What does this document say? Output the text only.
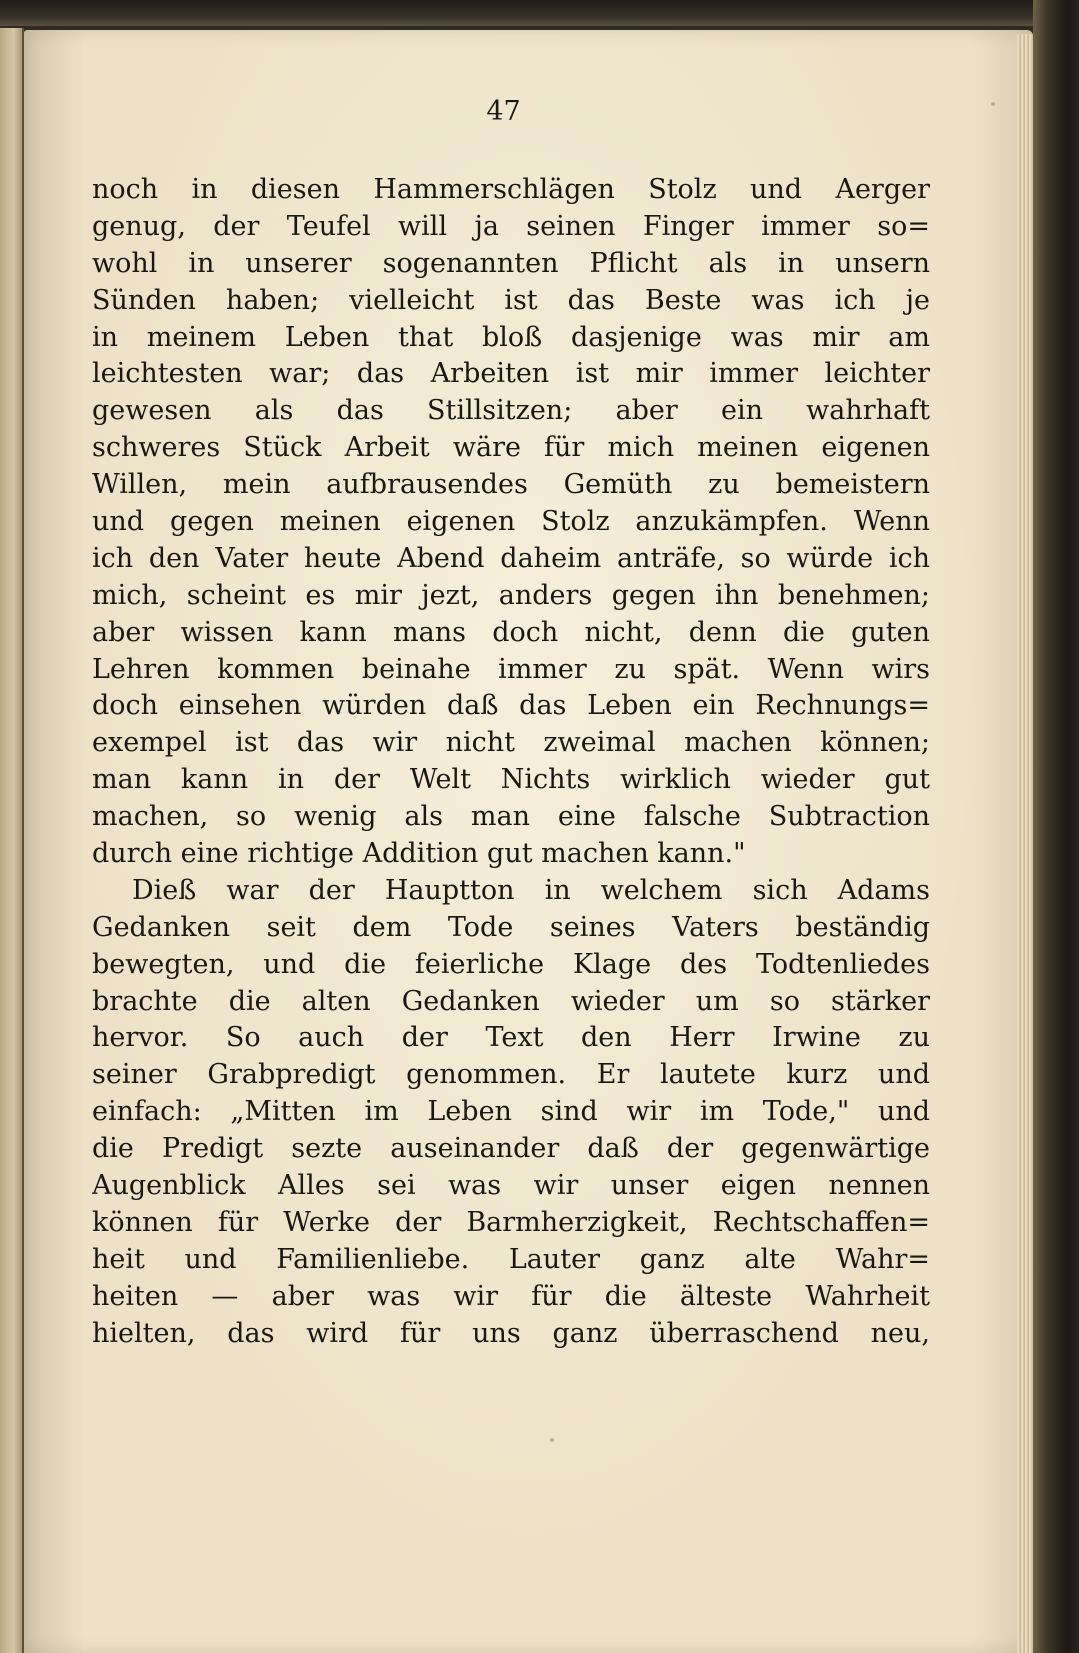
47
noch in diesen Hammerschlägen Stolz und Aerger
genug, der Teufel will ja seinen Finger immer so=
wohl in unserer sogenannten Pflicht als in unsern
Sünden haben; vielleicht ist das Beste was ich je
in meinem Leben that bloß dasjenige was mir am
leichtesten war; das Arbeiten ist mir immer leichter
gewesen als das Stillsitzen; aber ein wahrhaft
schweres Stück Arbeit wäre für mich meinen eigenen
Willen, mein aufbrausendes Gemüth zu bemeistern
und gegen meinen eigenen Stolz anzukämpfen. Wenn
ich den Vater heute Abend daheim anträfe, so würde ich
mich, scheint es mir jezt, anders gegen ihn benehmen;
aber wissen kann mans doch nicht, denn die guten
Lehren kommen beinahe immer zu spät. Wenn wirs
doch einsehen würden daß das Leben ein Rechnungs=
exempel ist das wir nicht zweimal machen können;
man kann in der Welt Nichts wirklich wieder gut
machen, so wenig als man eine falsche Subtraction
durch eine richtige Addition gut machen kann."
Dieß war der Hauptton in welchem sich Adams
Gedanken seit dem Tode seines Vaters beständig
bewegten, und die feierliche Klage des Todtenliedes
brachte die alten Gedanken wieder um so stärker
hervor. So auch der Text den Herr Irwine zu
seiner Grabpredigt genommen. Er lautete kurz und
einfach: „Mitten im Leben sind wir im Tode," und
die Predigt sezte auseinander daß der gegenwärtige
Augenblick Alles sei was wir unser eigen nennen
können für Werke der Barmherzigkeit, Rechtschaffen=
heit und Familienliebe. Lauter ganz alte Wahr=
heiten — aber was wir für die älteste Wahrheit
hielten, das wird für uns ganz überraschend neu,
